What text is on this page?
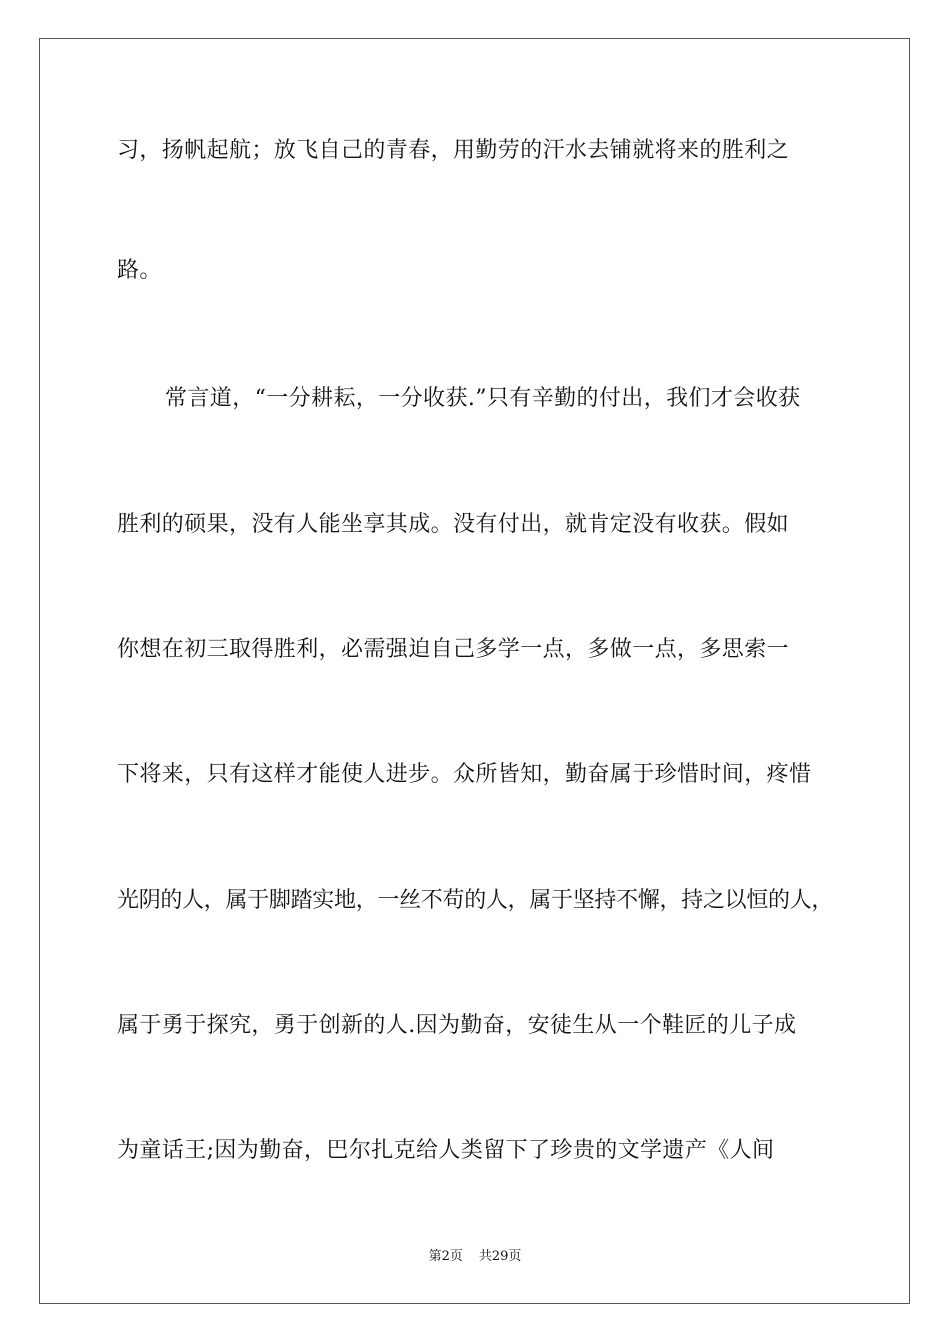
习，扬帆起航；放飞自己的青春，用勤劳的汗水去铺就将来的胜利之
路。
常言道，“一分耕耘，一分收获.”只有辛勤的付出，我们才会收获
胜利的硕果，没有人能坐享其成。没有付出，就肯定没有收获。假如
你想在初三取得胜利，必需强迫自己多学一点，多做一点，多思索一
下将来，只有这样才能使人进步。众所皆知，勤奋属于珍惜时间，疼惜
光阴的人，属于脚踏实地，一丝不苟的人，属于坚持不懈，持之以恒的人，
属于勇于探究，勇于创新的人.因为勤奋，安徒生从一个鞋匠的儿子成
为童话王;因为勤奋，巴尔扎克给人类留下了珍贵的文学遗产《人间
第2页 共29页
